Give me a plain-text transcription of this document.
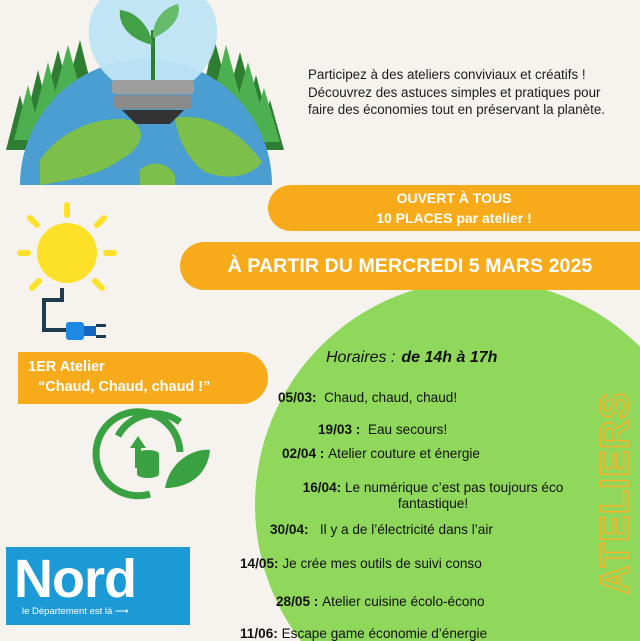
Participez à des ateliers conviviaux et créatifs ! Découvrez des astuces simples et pratiques pour faire des économies tout en préservant la planète.
OUVERT À TOUS
10 PLACES par atelier !
À PARTIR DU MERCREDI 5 MARS 2025
1ER Atelier
“Chaud, Chaud, chaud !”
Horaires : de 14h à 17h
05/03: Chaud, chaud, chaud!
19/03 : Eau secours!
02/04 : Atelier couture et énergie
16/04: Le numérique c’est pas toujours éco fantastique!
30/04: Il y a de l’électricité dans l’air
14/05: Je crée mes outils de suivi conso
28/05 : Atelier cuisine écolo-écono
11/06: Escape game économie d’énergie
ATELIERS
Nord
le Département est là ⟶
